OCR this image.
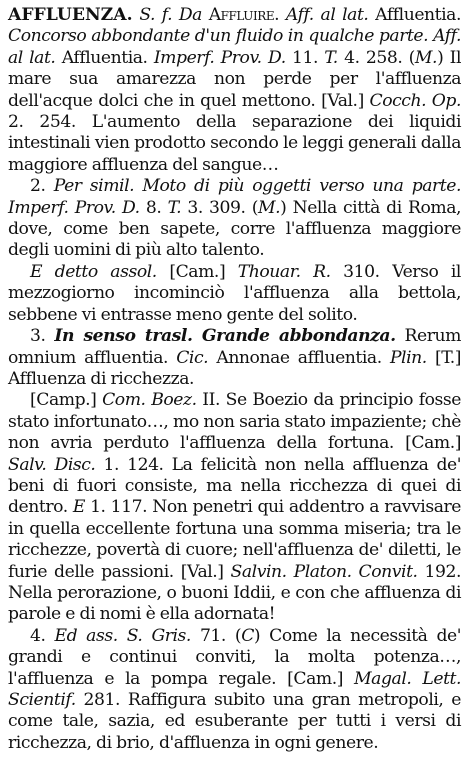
AFFLUENZA. S. f. Da Affluire. Aff. al lat. Affluentia. Concorso abbondante d'un fluido in qualche parte. Aff. al lat. Affluentia. Imperf. Prov. D. 11. T. 4. 258. (M.) Il mare sua amarezza non perde per l'affluenza dell'acque dolci che in quel mettono. [Val.] Cocch. Op. 2. 254. L'aumento della separazione dei liquidi intestinali vien prodotto secondo le leggi generali dalla maggiore affluenza del sangue…

2. Per simil. Moto di più oggetti verso una parte. Imperf. Prov. D. 8. T. 3. 309. (M.) Nella città di Roma, dove, come ben sapete, corre l'affluenza maggiore degli uomini di più alto talento.

E detto assol. [Cam.] Thouar. R. 310. Verso il mezzogiorno incominciò l'affluenza alla bettola, sebbene vi entrasse meno gente del solito.

3. In senso trasl. Grande abbondanza. Rerum omnium affluentia. Cic. Annonae affluentia. Plin. [T.] Affluenza di ricchezza.

[Camp.] Com. Boez. II. Se Boezio da principio fosse stato infortunato…, mo non saria stato impaziente; chè non avria perduto l'affluenza della fortuna. [Cam.] Salv. Disc. 1. 124. La felicità non nella affluenza de' beni di fuori consiste, ma nella ricchezza di quei di dentro. E 1. 117. Non penetri qui addentro a ravvisare in quella eccellente fortuna una somma miseria; tra le ricchezze, povertà di cuore; nell'affluenza de' diletti, le furie delle passioni. [Val.] Salvin. Platon. Convit. 192. Nella perorazione, o buoni Iddii, e con che affluenza di parole e di nomi è ella adornata!

4. Ed ass. S. Gris. 71. (C) Come la necessità de' grandi e continui conviti, la molta potenza…, l'affluenza e la pompa regale. [Cam.] Magal. Lett. Scientif. 281. Raffigura subito una gran metropoli, e come tale, sazia, ed esuberante per tutti i versi di ricchezza, di brio, d'affluenza in ogni genere.
